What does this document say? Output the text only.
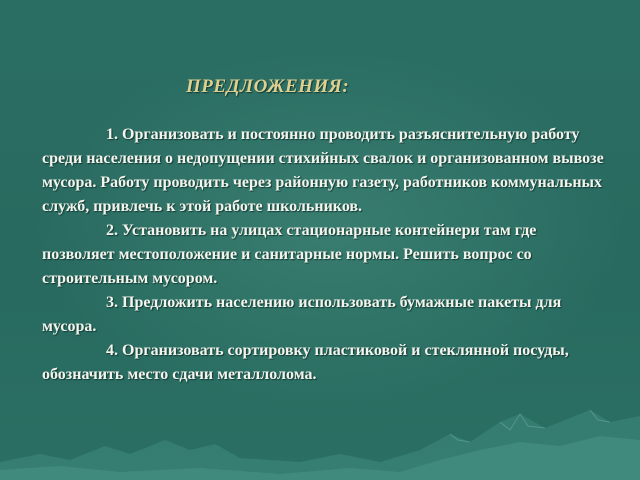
ПРЕДЛОЖЕНИЯ:

1. Организовать и постоянно проводить разъяснительную работу среди населения о недопущении стихийных свалок и организованном вывозе мусора. Работу проводить через районную газету, работников коммунальных служб, привлечь к этой работе школьников.

2. Установить на улицах стационарные контейнери там где позволяет местоположение и санитарные нормы. Решить вопрос со строительным мусором.

3. Предложить населению использовать бумажные пакеты для мусора.

4. Организовать сортировку пластиковой и стеклянной посуды, обозначить место сдачи металлолома.
